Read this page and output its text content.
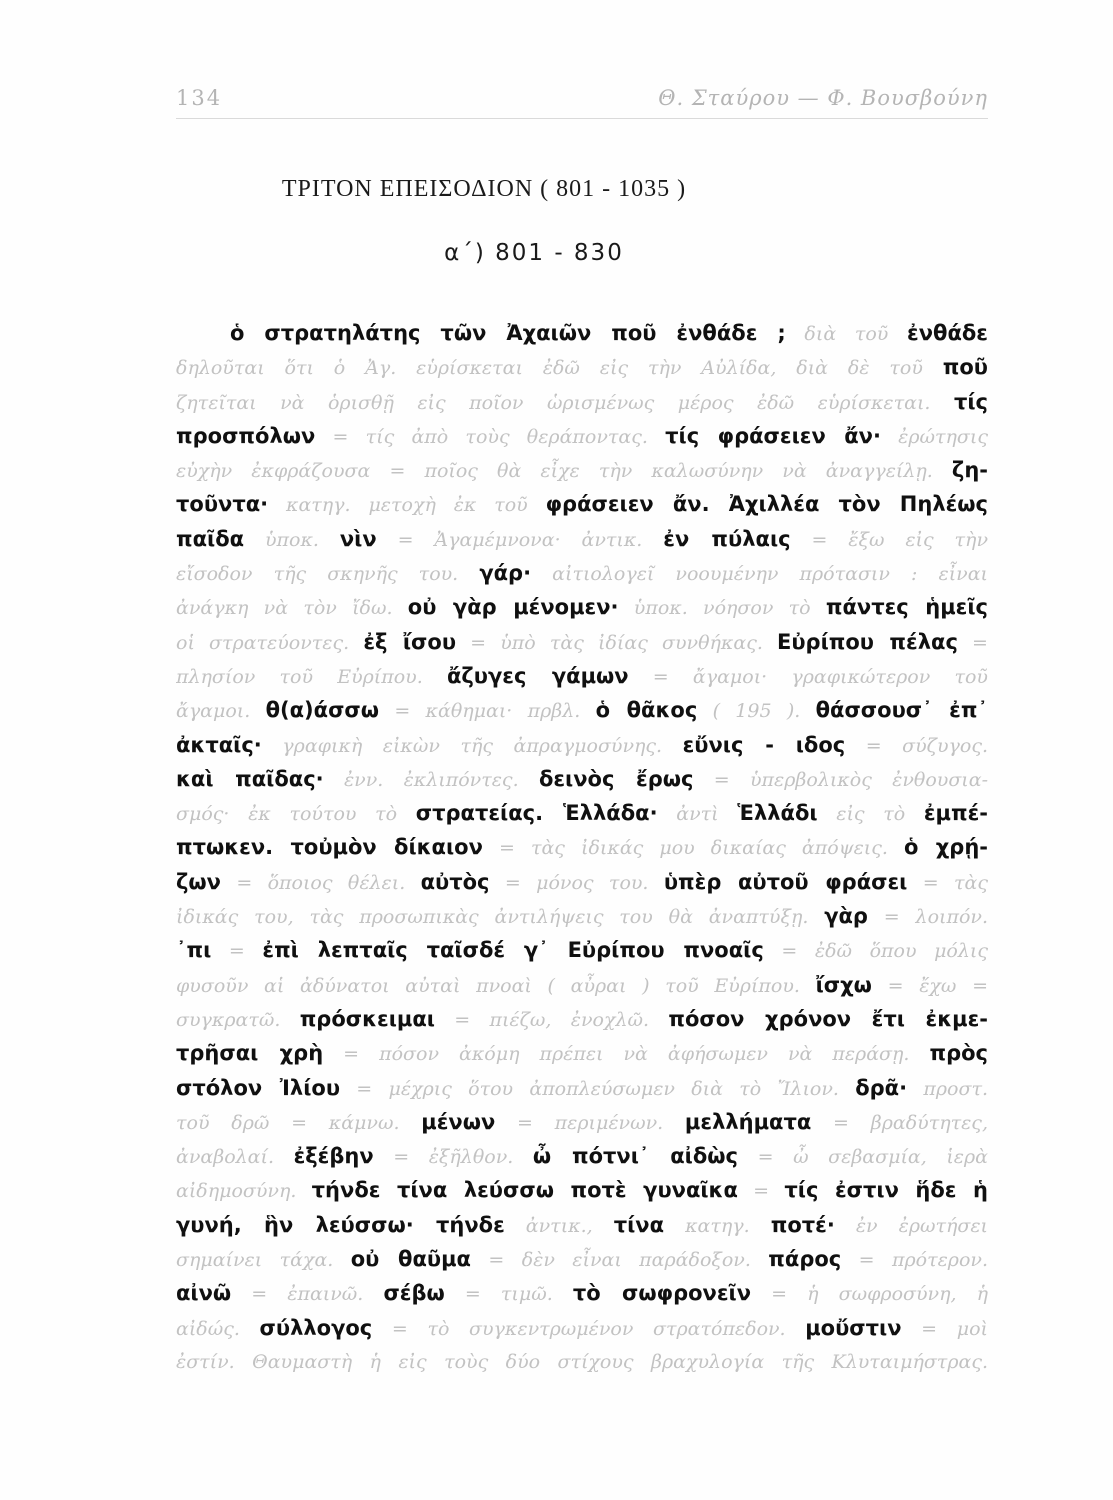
134	Θ. Σταύρου — Φ. Βουσβούνη
ΤΡΙΤΟΝ ΕΠΕΙΣΟΔΙΟΝ ( 801 - 1035 )
α΄) 801 - 830
ὁ στρατηλάτης τῶν Ἀχαιῶν ποῦ ἐνθάδε ; διὰ τοῦ ἐνθάδε
δηλοῦται ὅτι ὁ Ἀγ. εὑρίσκεται ἐδῶ εἰς τὴν Αὐλίδα, διὰ δὲ τοῦ ποῦ
ζητεῖται νὰ ὁρισθῇ εἰς ποῖον ὡρισμένως μέρος ἐδῶ εὑρίσκεται. τίς
προσπόλων = τίς ἀπὸ τοὺς θεράποντας. τίς φράσειεν ἄν· ἐρώτησις
εὐχὴν ἐκφράζουσα = ποῖος θὰ εἶχε τὴν καλωσύνην νὰ ἀναγγείλῃ. ζη-
τοῦντα· κατηγ. μετοχὴ ἐκ τοῦ φράσειεν ἄν. Ἀχιλλέα τὸν Πηλέως
παῖδα ὑποκ. νὶν = Ἀγαμέμνονα· ἀντικ. ἐν πύλαις = ἔξω εἰς τὴν
εἴσοδον τῆς σκηνῆς του. γάρ· αἰτιολογεῖ νοουμένην πρότασιν : εἶναι
ἀνάγκη νὰ τὸν ἴδω. οὐ γὰρ μένομεν· ὑποκ. νόησον τὸ πάντες ἡμεῖς
οἱ στρατεύοντες. ἐξ ἴσου = ὑπὸ τὰς ἰδίας συνθήκας. Εὐρίπου πέλας =
πλησίον τοῦ Εὐρίπου. ἄζυγες γάμων = ἄγαμοι· γραφικώτερον τοῦ
ἄγαμοι. θ(α)άσσω = κάθημαι· πρβλ. ὁ θᾶκος ( 195 ). θάσσουσ᾽ ἐπ᾽
ἀκταῖς· γραφικὴ εἰκὼν τῆς ἀπραγμοσύνης. εὔνις - ιδος = σύζυγος.
καὶ παῖδας· ἐνν. ἐκλιπόντες. δεινὸς ἔρως = ὑπερβολικὸς ἐνθουσια-
σμός· ἐκ τούτου τὸ στρατείας. Ἑλλάδα· ἀντὶ Ἑλλάδι εἰς τὸ ἐμπέ-
πτωκεν. τοὐμὸν δίκαιον = τὰς ἰδικάς μου δικαίας ἀπόψεις. ὁ χρῄ-
ζων = ὅποιος θέλει. αὐτὸς = μόνος του. ὑπὲρ αὐτοῦ φράσει = τὰς
ἰδικάς του, τὰς προσωπικὰς ἀντιλήψεις του θὰ ἀναπτύξῃ. γὰρ = λοιπόν.
᾽πι = ἐπὶ λεπταῖς ταῖσδέ γ᾽ Εὐρίπου πνοαῖς = ἐδῶ ὅπου μόλις
φυσοῦν αἱ ἀδύνατοι αὐταὶ πνοαὶ ( αὖραι ) τοῦ Εὐρίπου. ἴσχω = ἔχω =
συγκρατῶ. πρόσκειμαι = πιέζω, ἐνοχλῶ. πόσον χρόνον ἔτι ἐκμε-
τρῆσαι χρὴ = πόσον ἀκόμη πρέπει νὰ ἀφήσωμεν νὰ περάσῃ. πρὸς
στόλον Ἰλίου = μέχρις ὅτου ἀποπλεύσωμεν διὰ τὸ Ἴλιον. δρᾶ· προστ.
τοῦ δρῶ = κάμνω. μένων = περιμένων. μελλήματα = βραδύτητες,
ἀναβολαί. ἐξέβην = ἐξῆλθον. ὦ πότνι᾽ αἰδὼς = ὦ σεβασμία, ἱερὰ
αἰδημοσύνη. τήνδε τίνα λεύσσω ποτὲ γυναῖκα = τίς ἐστιν ἥδε ἡ
γυνή, ἣν λεύσσω· τήνδε ἀντικ., τίνα κατηγ. ποτέ· ἐν ἐρωτήσει
σημαίνει τάχα. οὐ θαῦμα = δὲν εἶναι παράδοξον. πάρος = πρότερον.
αἰνῶ = ἐπαινῶ. σέβω = τιμῶ. τὸ σωφρονεῖν = ἡ σωφροσύνη, ἡ
αἰδώς. σύλλογος = τὸ συγκεντρωμένον στρατόπεδον. μοὔστιν = μοὶ
ἐστίν. Θαυμαστὴ ἡ εἰς τοὺς δύο στίχους βραχυλογία τῆς Κλυταιμήστρας.
